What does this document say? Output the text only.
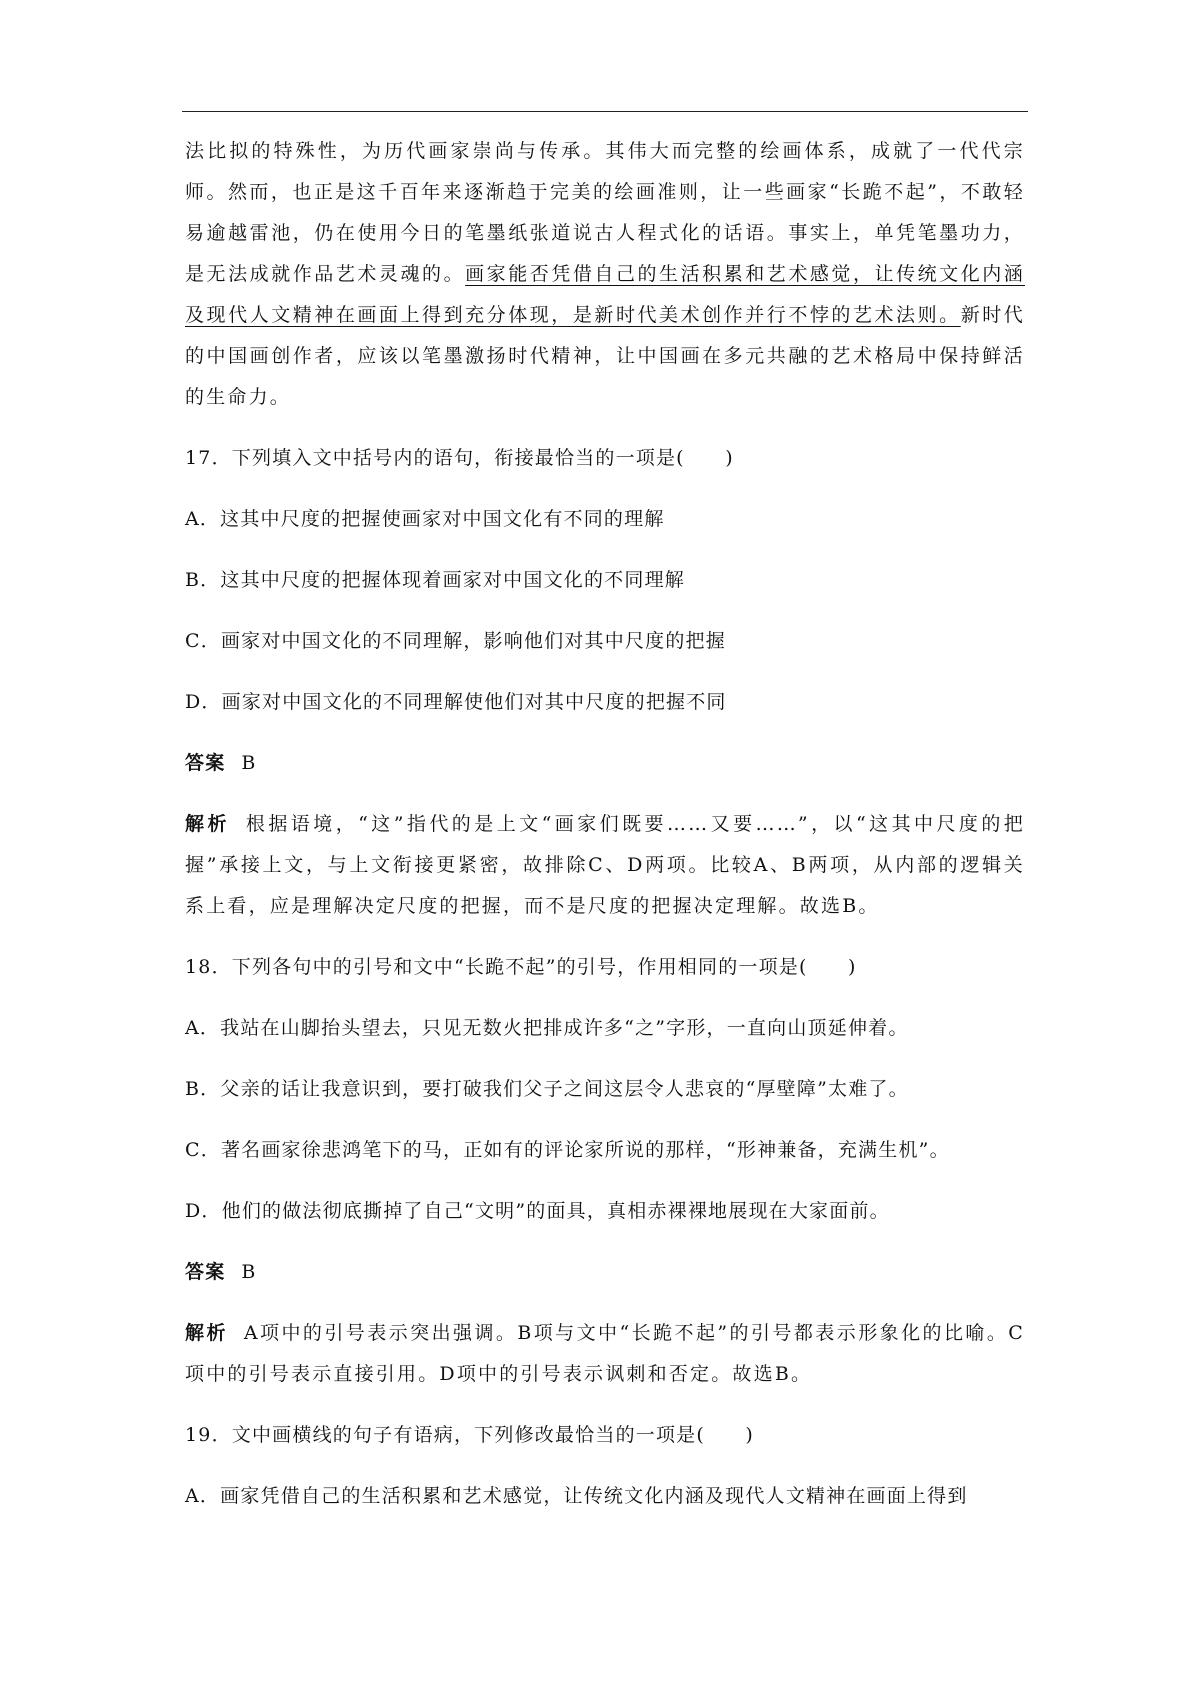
法比拟的特殊性，为历代画家崇尚与传承。其伟大而完整的绘画体系，成就了一代代宗师。然而，也正是这千百年来逐渐趋于完美的绘画准则，让一些画家“长跪不起”，不敢轻易逾越雷池，仍在使用今日的笔墨纸张道说古人程式化的话语。事实上，单凭笔墨功力，是无法成就作品艺术灵魂的。画家能否凭借自己的生活积累和艺术感觉，让传统文化内涵及现代人文精神在画面上得到充分体现，是新时代美术创作并行不悖的艺术法则。新时代的中国画创作者，应该以笔墨激扬时代精神，让中国画在多元共融的艺术格局中保持鲜活的生命力。

17．下列填入文中括号内的语句，衔接最恰当的一项是(　　)
A．这其中尺度的把握使画家对中国文化有不同的理解
B．这其中尺度的把握体现着画家对中国文化的不同理解
C．画家对中国文化的不同理解，影响他们对其中尺度的把握
D．画家对中国文化的不同理解使他们对其中尺度的把握不同
答案 B

解析 根据语境，“这”指代的是上文“画家们既要……又要……”，以“这其中尺度的把握”承接上文，与上文衔接更紧密，故排除C、D两项。比较A、B两项，从内部的逻辑关系上看，应是理解决定尺度的把握，而不是尺度的把握决定理解。故选B。

18．下列各句中的引号和文中“长跪不起”的引号，作用相同的一项是(　　)
A．我站在山脚抬头望去，只见无数火把排成许多“之”字形，一直向山顶延伸着。
B．父亲的话让我意识到，要打破我们父子之间这层令人悲哀的“厚壁障”太难了。
C．著名画家徐悲鸿笔下的马，正如有的评论家所说的那样，“形神兼备，充满生机”。
D．他们的做法彻底撕掉了自己“文明”的面具，真相赤裸裸地展现在大家面前。
答案 B

解析 A项中的引号表示突出强调。B项与文中“长跪不起”的引号都表示形象化的比喻。C项中的引号表示直接引用。D项中的引号表示讽刺和否定。故选B。

19．文中画横线的句子有语病，下列修改最恰当的一项是(　　)
A．画家凭借自己的生活积累和艺术感觉，让传统文化内涵及现代人文精神在画面上得到
